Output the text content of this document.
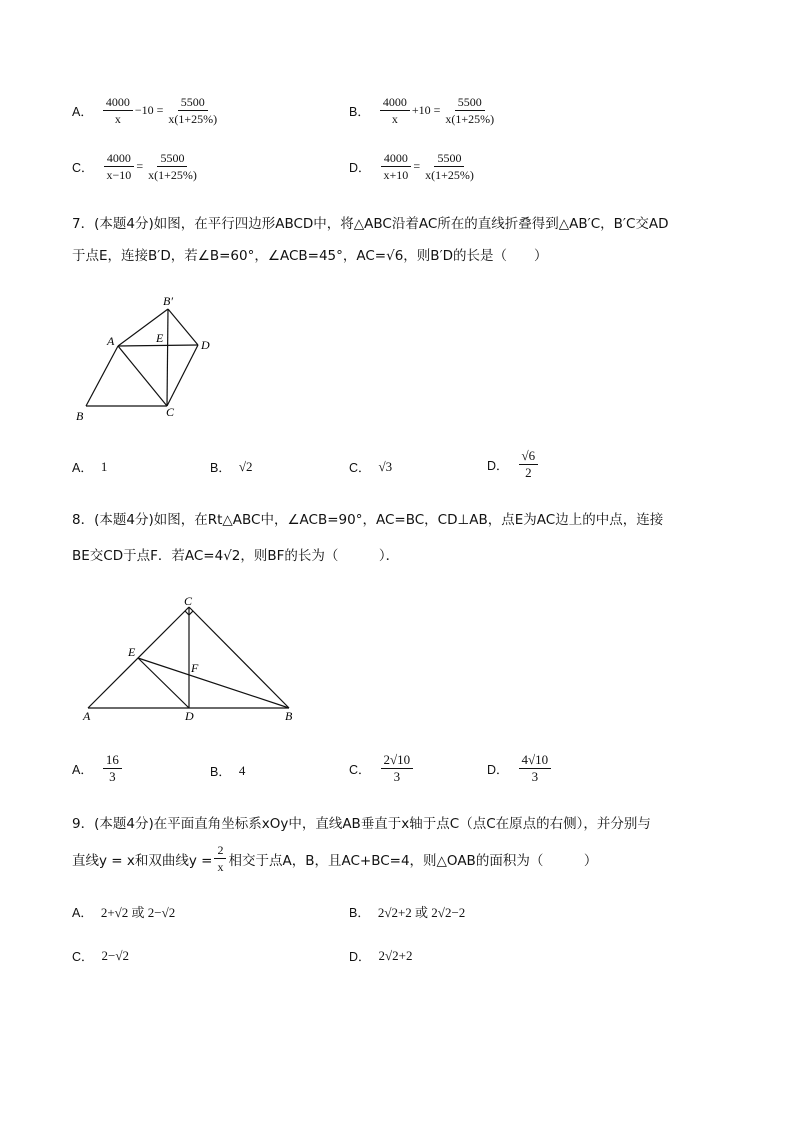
A． $\frac{4000}{x} -10 = \frac{5500}{x(1+25\%)}$	B． $\frac{4000}{x} +10 = \frac{5500}{x(1+25\%)}$
C． $\frac{4000}{x-10} = \frac{5500}{x(1+25\%)}$	D． $\frac{4000}{x+10} = \frac{5500}{x(1+25\%)}$
7．(本题4分)如图，在平行四边形ABCD中，将△ABC沿着AC所在的直线折叠得到△AB′C，B′C交AD
于点E，连接B′D，若∠B=60°，∠ACB=45°，AC=√6，则B′D的长是（　　）
B′
A	E	D
B	C
A． 1	B． √2	C． √3	D． $\frac{√6}{2}$
8．(本题4分)如图，在Rt△ABC中，∠ACB=90°，AC=BC，CD⊥AB，点E为AC边上的中点，连接
BE交CD于点F．若AC=4√2，则BF的长为（　　　）．
C
E
F
A	D	B
A． $\frac{16}{3}$	B． 4	C． $\frac{2√10}{3}$	D． $\frac{4√10}{3}$
9．(本题4分)在平面直角坐标系xOy中，直线AB垂直于x轴于点C（点C在原点的右侧），并分别与
直线y = x和双曲线$y = \frac{2}{x}$ 相交于点A，B，且AC+BC=4，则△OAB的面积为（　　　）
A． 2+√2 或 2−√2	B． 2√2+2 或 2√2−2
C． 2−√2	D． 2√2+2
